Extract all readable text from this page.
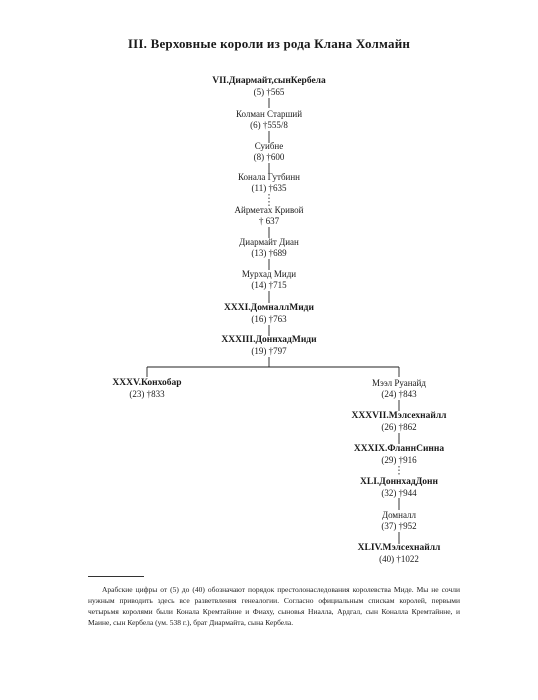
III. Верховные короли из рода Клана Холмайн
VII.Диармайт,сынКербела
(5) †565
Колман Старший
(6) †555/8
Суибне
(8) †600
Конала Гутбинн
(11) †635
Айрметах Кривой
† 637
Диармайт Диан
(13) †689
Мурхад Миди
(14) †715
XXXI.ДомналлМиди
(16) †763
XXXIII.ДоннхадМиди
(19) †797
XXXV.Конхобар
(23) †833
Мээл Руанайд
(24) †843
XXXVII.Мэлсехнайлл
(26) †862
XXXIX.ФланнСинна
(29) †916
XLI.ДоннхадДонн
(32) †944
Домналл
(37) †952
XLIV.Мэлсехнайлл
(40) †1022
Арабские цифры от (5) до (40) обозначают порядок престолонаследования королевства Миде. Мы не сочли нужным приводить здесь все разветвления генеалогии. Согласно официальным спискам королей, первыми четырьмя королями были Конала Кремтайнне и Фиаху, сыновья Ниалла, Ардгал, сын Коналла Кремтайнне, и Маине, сын Кербела (ум. 538 г.), брат Диармайта, сына Кербела.
